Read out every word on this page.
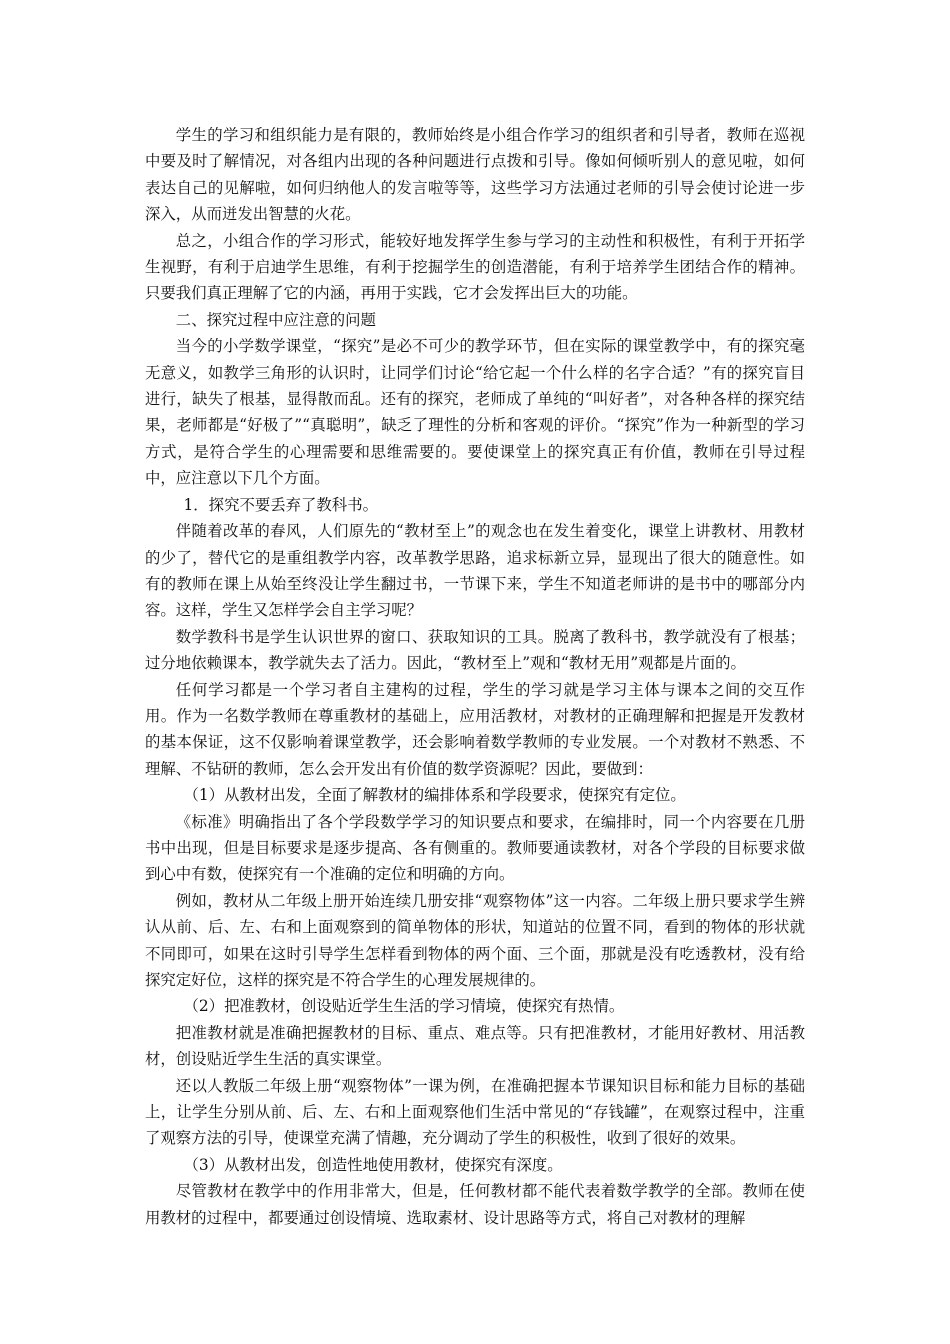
学生的学习和组织能力是有限的，教师始终是小组合作学习的组织者和引导者，教师在巡视中要及时了解情况，对各组内出现的各种问题进行点拨和引导。像如何倾听别人的意见啦，如何表达自己的见解啦，如何归纳他人的发言啦等等，这些学习方法通过老师的引导会使讨论进一步深入，从而迸发出智慧的火花。

总之，小组合作的学习形式，能较好地发挥学生参与学习的主动性和积极性，有利于开拓学生视野，有利于启迪学生思维，有利于挖掘学生的创造潜能，有利于培养学生团结合作的精神。只要我们真正理解了它的内涵，再用于实践，它才会发挥出巨大的功能。

二、探究过程中应注意的问题

当今的小学数学课堂，“探究”是必不可少的教学环节，但在实际的课堂教学中，有的探究毫无意义，如教学三角形的认识时，让同学们讨论“给它起一个什么样的名字合适？”有的探究盲目进行，缺失了根基，显得散而乱。还有的探究，老师成了单纯的“叫好者”，对各种各样的探究结果，老师都是“好极了”“真聪明”，缺乏了理性的分析和客观的评价。“探究”作为一种新型的学习方式，是符合学生的心理需要和思维需要的。要使课堂上的探究真正有价值，教师在引导过程中，应注意以下几个方面。

1．探究不要丢弃了教科书。

伴随着改革的春风，人们原先的“教材至上”的观念也在发生着变化，课堂上讲教材、用教材的少了，替代它的是重组教学内容，改革教学思路，追求标新立异，显现出了很大的随意性。如有的教师在课上从始至终没让学生翻过书，一节课下来，学生不知道老师讲的是书中的哪部分内容。这样，学生又怎样学会自主学习呢？

数学教科书是学生认识世界的窗口、获取知识的工具。脱离了教科书，教学就没有了根基；过分地依赖课本，教学就失去了活力。因此，“教材至上”观和“教材无用”观都是片面的。

任何学习都是一个学习者自主建构的过程，学生的学习就是学习主体与课本之间的交互作用。作为一名数学教师在尊重教材的基础上，应用活教材，对教材的正确理解和把握是开发教材的基本保证，这不仅影响着课堂教学，还会影响着数学教师的专业发展。一个对教材不熟悉、不理解、不钻研的教师，怎么会开发出有价值的数学资源呢？因此，要做到：

（1）从教材出发，全面了解教材的编排体系和学段要求，使探究有定位。

《标准》明确指出了各个学段数学学习的知识要点和要求，在编排时，同一个内容要在几册书中出现，但是目标要求是逐步提高、各有侧重的。教师要通读教材，对各个学段的目标要求做到心中有数，使探究有一个准确的定位和明确的方向。

例如，教材从二年级上册开始连续几册安排“观察物体”这一内容。二年级上册只要求学生辨认从前、后、左、右和上面观察到的简单物体的形状，知道站的位置不同，看到的物体的形状就不同即可，如果在这时引导学生怎样看到物体的两个面、三个面，那就是没有吃透教材，没有给探究定好位，这样的探究是不符合学生的心理发展规律的。

（2）把准教材，创设贴近学生生活的学习情境，使探究有热情。

把准教材就是准确把握教材的目标、重点、难点等。只有把准教材，才能用好教材、用活教材，创设贴近学生生活的真实课堂。

还以人教版二年级上册“观察物体”一课为例，在准确把握本节课知识目标和能力目标的基础上，让学生分别从前、后、左、右和上面观察他们生活中常见的“存钱罐”，在观察过程中，注重了观察方法的引导，使课堂充满了情趣，充分调动了学生的积极性，收到了很好的效果。

（3）从教材出发，创造性地使用教材，使探究有深度。

尽管教材在教学中的作用非常大，但是，任何教材都不能代表着数学教学的全部。教师在使用教材的过程中，都要通过创设情境、选取素材、设计思路等方式，将自己对教材的理解
